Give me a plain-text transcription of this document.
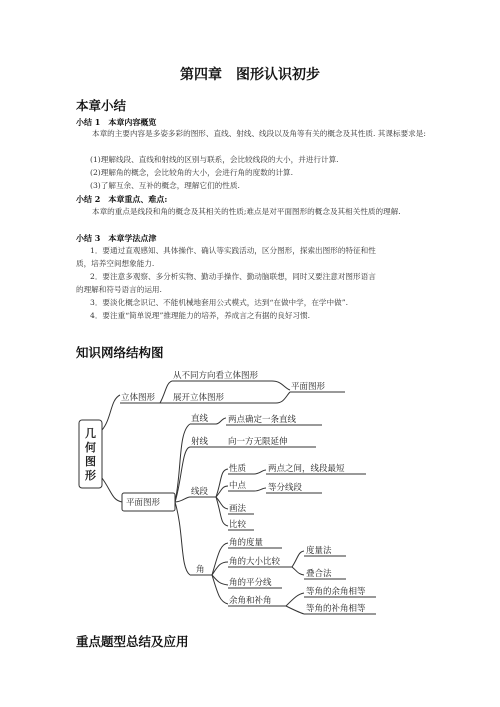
第四章　图形认识初步
本章小结
小结 1　本章内容概览
本章的主要内容是多姿多彩的图形、直线、射线、线段以及角等有关的概念及其性质. 其课标要求是:
(1)理解线段、直线和射线的区别与联系，会比较线段的大小，并进行计算.
(2)理解角的概念，会比较角的大小，会进行角的度数的计算.
(3)了解互余、互补的概念，理解它们的性质.
小结 2　本章重点、难点:
本章的重点是线段和角的概念及其相关的性质;难点是对平面图形的概念及其相关性质的理解.
小结 3　本章学法点津
1．要通过直观感知、具体操作、确认等实践活动，区分图形，探索出图形的特征和性
质，培养空间想象能力.
2．要注意多观察、多分析实物、勤动手操作、勤动脑联想，同时又要注意对图形语言
的理解和符号语言的运用.
3．要淡化概念识记、不能机械地套用公式模式，达到“在做中学，在学中做”.
4．要注重“简单说理”推理能力的培养，养成言之有据的良好习惯.
知识网络结构图
几
何
图
形
立体图形
从不同方向看立体图形
展开立体图形
平面图形
平面图形
直线 两点确定一条直线
射线 向一方无限延伸
线段
性质	两点之间，线段最短
中点	等分线段
画法
比较
角
角的度量
角的大小比较
度量法
叠合法
角的平分线
余角和补角
等角的余角相等
等角的补角相等
重点题型总结及应用
